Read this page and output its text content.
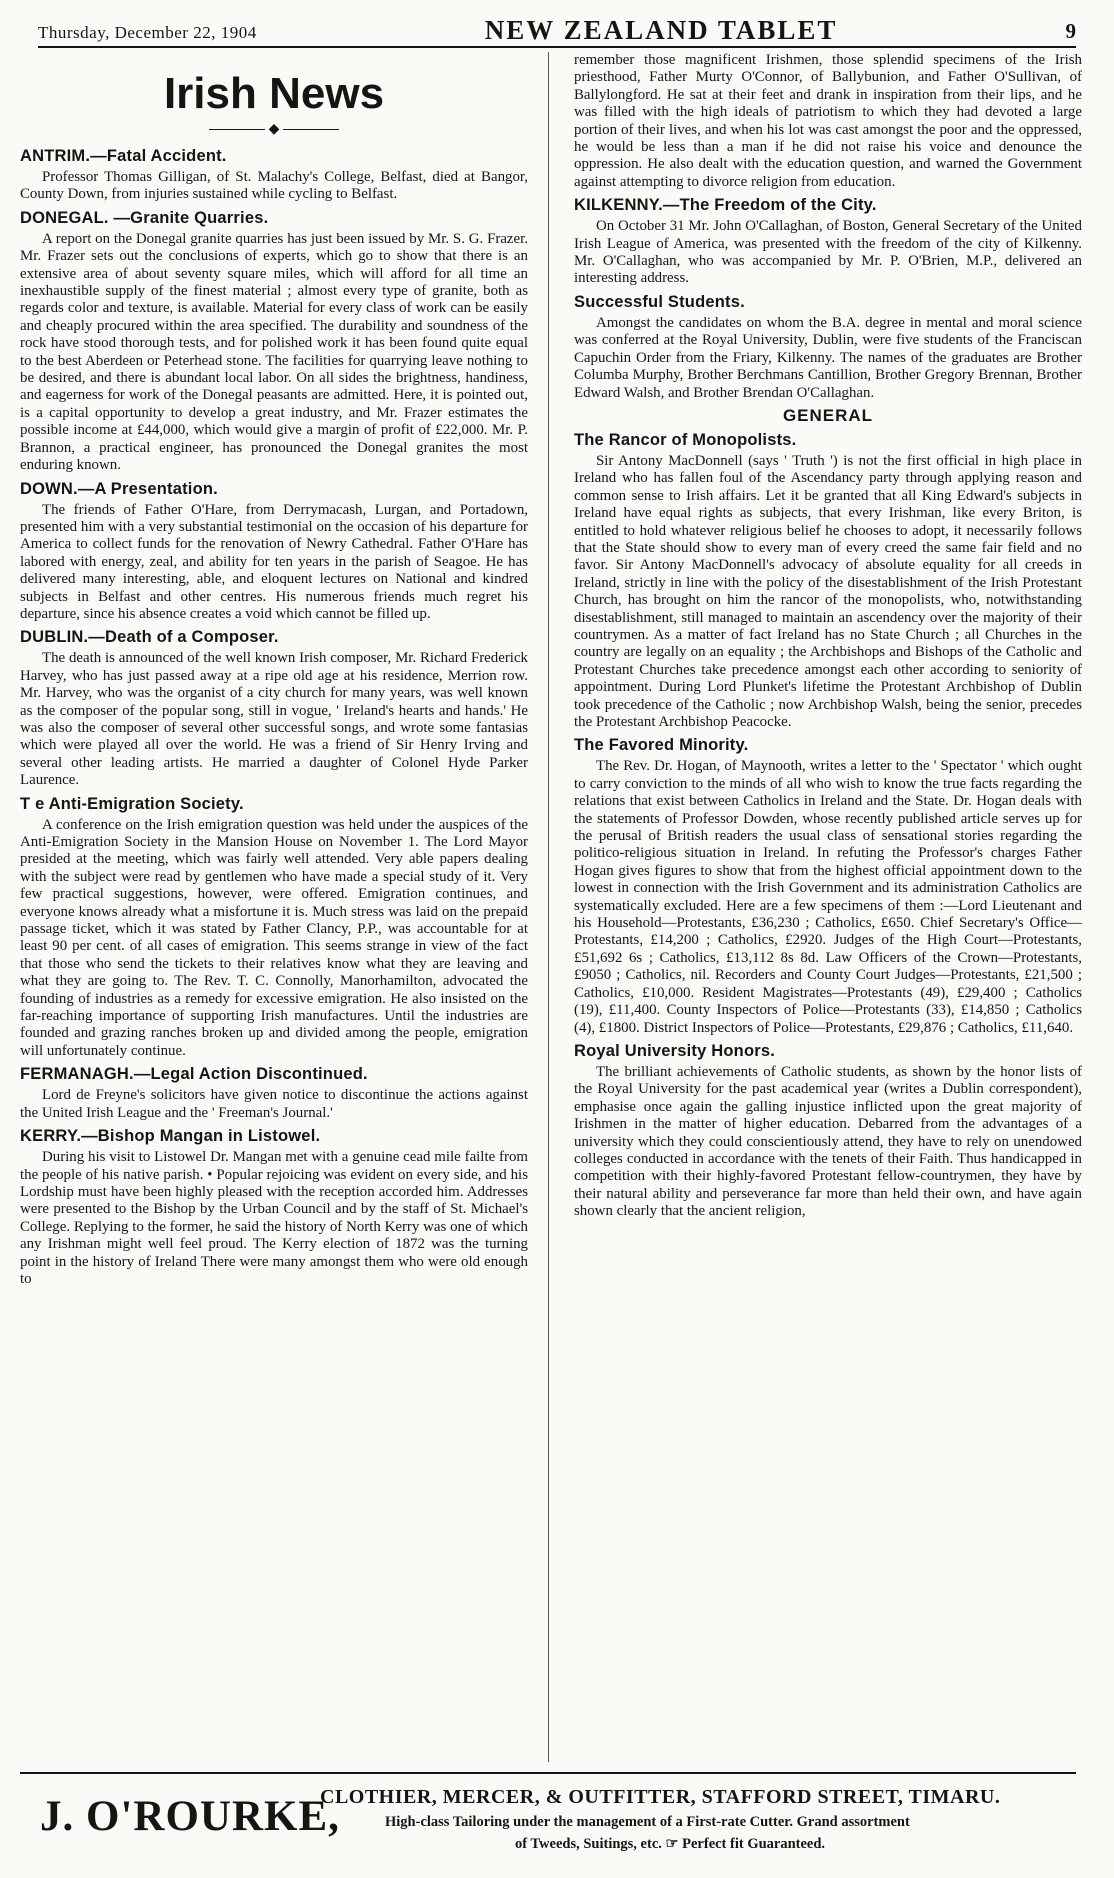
Thursday, December 22, 1904	NEW ZEALAND TABLET	9
Irish News
◆
ANTRIM.—Fatal Accident.

Professor Thomas Gilligan, of St. Malachy's College, Belfast, died at Bangor, County Down, from injuries sustained while cycling to Belfast.

DONEGAL. —Granite Quarries.

A report on the Donegal granite quarries has just been issued by Mr. S. G. Frazer. Mr. Frazer sets out the conclusions of experts, which go to show that there is an extensive area of about seventy square miles, which will afford for all time an inexhaustible supply of the finest material ; almost every type of granite, both as regards color and texture, is available. Material for every class of work can be easily and cheaply procured within the area specified. The durability and soundness of the rock have stood thorough tests, and for polished work it has been found quite equal to the best Aberdeen or Peterhead stone. The facilities for quarrying leave nothing to be desired, and there is abundant local labor. On all sides the brightness, handiness, and eagerness for work of the Donegal peasants are admitted. Here, it is pointed out, is a capital opportunity to develop a great industry, and Mr. Frazer estimates the possible income at £44,000, which would give a margin of profit of £22,000. Mr. P. Brannon, a practical engineer, has pronounced the Donegal granites the most enduring known.

DOWN.—A Presentation.

The friends of Father O'Hare, from Derrymacash, Lurgan, and Portadown, presented him with a very substantial testimonial on the occasion of his departure for America to collect funds for the renovation of Newry Cathedral. Father O'Hare has labored with energy, zeal, and ability for ten years in the parish of Seagoe. He has delivered many interesting, able, and eloquent lectures on National and kindred subjects in Belfast and other centres. His numerous friends much regret his departure, since his absence creates a void which cannot be filled up.

DUBLIN.—Death of a Composer.

The death is announced of the well known Irish composer, Mr. Richard Frederick Harvey, who has just passed away at a ripe old age at his residence, Merrion row. Mr. Harvey, who was the organist of a city church for many years, was well known as the composer of the popular song, still in vogue, ' Ireland's hearts and hands.' He was also the composer of several other successful songs, and wrote some fantasias which were played all over the world. He was a friend of Sir Henry Irving and several other leading artists. He married a daughter of Colonel Hyde Parker Laurence.

T e Anti-Emigration Society.

A conference on the Irish emigration question was held under the auspices of the Anti-Emigration Society in the Mansion House on November 1. The Lord Mayor presided at the meeting, which was fairly well attended. Very able papers dealing with the subject were read by gentlemen who have made a special study of it. Very few practical suggestions, however, were offered. Emigration continues, and everyone knows already what a misfortune it is. Much stress was laid on the prepaid passage ticket, which it was stated by Father Clancy, P.P., was accountable for at least 90 per cent. of all cases of emigration. This seems strange in view of the fact that those who send the tickets to their relatives know what they are leaving and what they are going to. The Rev. T. C. Connolly, Manorhamilton, advocated the founding of industries as a remedy for excessive emigration. He also insisted on the far-reaching importance of supporting Irish manufactures. Until the industries are founded and grazing ranches broken up and divided among the people, emigration will unfortunately continue.

FERMANAGH.—Legal Action Discontinued.

Lord de Freyne's solicitors have given notice to discontinue the actions against the United Irish League and the ' Freeman's Journal.'

KERRY.—Bishop Mangan in Listowel.

During his visit to Listowel Dr. Mangan met with a genuine cead mile failte from the people of his native parish. • Popular rejoicing was evident on every side, and his Lordship must have been highly pleased with the reception accorded him. Addresses were presented to the Bishop by the Urban Council and by the staff of St. Michael's College. Replying to the former, he said the history of North Kerry was one of which any Irishman might well feel proud. The Kerry election of 1872 was the turning point in the history of Ireland There were many amongst them who were old enough to

remember those magnificent Irishmen, those splendid specimens of the Irish priesthood, Father Murty O'Connor, of Ballybunion, and Father O'Sullivan, of Ballylongford. He sat at their feet and drank in inspiration from their lips, and he was filled with the high ideals of patriotism to which they had devoted a large portion of their lives, and when his lot was cast amongst the poor and the oppressed, he would be less than a man if he did not raise his voice and denounce the oppression. He also dealt with the education question, and warned the Government against attempting to divorce religion from education.

KILKENNY.—The Freedom of the City.

On October 31 Mr. John O'Callaghan, of Boston, General Secretary of the United Irish League of America, was presented with the freedom of the city of Kilkenny. Mr. O'Callaghan, who was accompanied by Mr. P. O'Brien, M.P., delivered an interesting address.

Successful Students.

Amongst the candidates on whom the B.A. degree in mental and moral science was conferred at the Royal University, Dublin, were five students of the Franciscan Capuchin Order from the Friary, Kilkenny. The names of the graduates are Brother Columba Murphy, Brother Berchmans Cantillion, Brother Gregory Brennan, Brother Edward Walsh, and Brother Brendan O'Callaghan.

GENERAL
The Rancor of Monopolists.

Sir Antony MacDonnell (says ' Truth ') is not the first official in high place in Ireland who has fallen foul of the Ascendancy party through applying reason and common sense to Irish affairs. Let it be granted that all King Edward's subjects in Ireland have equal rights as subjects, that every Irishman, like every Briton, is entitled to hold whatever religious belief he chooses to adopt, it necessarily follows that the State should show to every man of every creed the same fair field and no favor. Sir Antony MacDonnell's advocacy of absolute equality for all creeds in Ireland, strictly in line with the policy of the disestablishment of the Irish Protestant Church, has brought on him the rancor of the monopolists, who, notwithstanding disestablishment, still managed to maintain an ascendency over the majority of their countrymen. As a matter of fact Ireland has no State Church ; all Churches in the country are legally on an equality ; the Archbishops and Bishops of the Catholic and Protestant Churches take precedence amongst each other according to seniority of appointment. During Lord Plunket's lifetime the Protestant Archbishop of Dublin took precedence of the Catholic ; now Archbishop Walsh, being the senior, precedes the Protestant Archbishop Peacocke.

The Favored Minority.

The Rev. Dr. Hogan, of Maynooth, writes a letter to the ' Spectator ' which ought to carry conviction to the minds of all who wish to know the true facts regarding the relations that exist between Catholics in Ireland and the State. Dr. Hogan deals with the statements of Professor Dowden, whose recently published article serves up for the perusal of British readers the usual class of sensational stories regarding the politico-religious situation in Ireland. In refuting the Professor's charges Father Hogan gives figures to show that from the highest official appointment down to the lowest in connection with the Irish Government and its administration Catholics are systematically excluded. Here are a few specimens of them :—Lord Lieutenant and his Household—Protestants, £36,230 ; Catholics, £650. Chief Secretary's Office—Protestants, £14,200 ; Catholics, £2920. Judges of the High Court—Protestants, £51,692 6s ; Catholics, £13,112 8s 8d. Law Officers of the Crown—Protestants, £9050 ; Catholics, nil. Recorders and County Court Judges—Protestants, £21,500 ; Catholics, £10,000. Resident Magistrates—Protestants (49), £29,400 ; Catholics (19), £11,400. County Inspectors of Police—Protestants (33), £14,850 ; Catholics (4), £1800. District Inspectors of Police—Protestants, £29,876 ; Catholics, £11,640.

Royal University Honors.

The brilliant achievements of Catholic students, as shown by the honor lists of the Royal University for the past academical year (writes a Dublin correspondent), emphasise once again the galling injustice inflicted upon the great majority of Irishmen in the matter of higher education. Debarred from the advantages of a university which they could conscientiously attend, they have to rely on unendowed colleges conducted in accordance with the tenets of their Faith. Thus handicapped in competition with their highly-favored Protestant fellow-countrymen, they have by their natural ability and perseverance far more than held their own, and have again shown clearly that the ancient religion,

J. O'ROURKE,
CLOTHIER, MERCER, & OUTFITTER, STAFFORD STREET, TIMARU.
High-class Tailoring under the management of a First-rate Cutter. Grand assortment
of Tweeds, Suitings, etc. ☞ Perfect fit Guaranteed.
